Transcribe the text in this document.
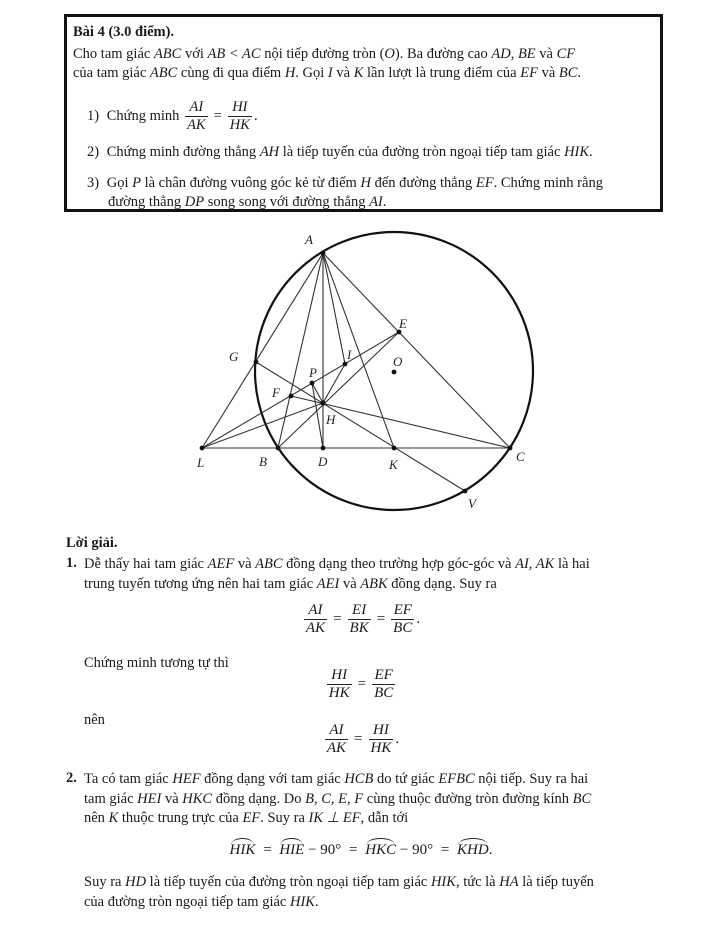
Bài 4 (3.0 điểm).
Cho tam giác ABC với AB < AC nội tiếp đường tròn (O). Ba đường cao AD, BE và CF
của tam giác ABC cùng đi qua điểm H. Gọi I và K lần lượt là trung điểm của EF và BC.
1) Chứng minh $\frac{AI}{AK} = \frac{HI}{HK}$ .
2) Chứng minh đường thẳng AH là tiếp tuyến của đường tròn ngoại tiếp tam giác HIK.
3) Gọi P là chân đường vuông góc kẻ từ điểm H đến đường thẳng EF. Chứng minh rằng
đường thẳng DP song song với đường thẳng AI.
A
E
G	I	O
P
F
H
L	B	D	K
C
V
Lời giải.
1. Dễ thấy hai tam giác AEF và ABC đồng dạng theo trường hợp góc-góc và AI, AK là hai
trung tuyến tương ứng nên hai tam giác AEI và ABK đồng dạng. Suy ra
$\frac{AI}{AK} = \frac{EI}{BK} = \frac{EF}{BC}$ .
Chứng minh tương tự thì
$\frac{HI}{HK} = \frac{EF}{BC}$
nên
$\frac{AI}{AK} = \frac{HI}{HK}$ .
2. Ta có tam giác HEF đồng dạng với tam giác HCB do tứ giác EFBC nội tiếp. Suy ra hai
tam giác HEI và HKC đồng dạng. Do B, C, E, F cùng thuộc đường tròn đường kính BC
nên K thuộc trung trực của EF. Suy ra IK ⊥ EF, dẫn tới
HIK = HIE − 90° = HKC − 90° = KHD.
Suy ra HD là tiếp tuyến của đường tròn ngoại tiếp tam giác HIK, tức là HA là tiếp tuyến
của đường tròn ngoại tiếp tam giác HIK.
